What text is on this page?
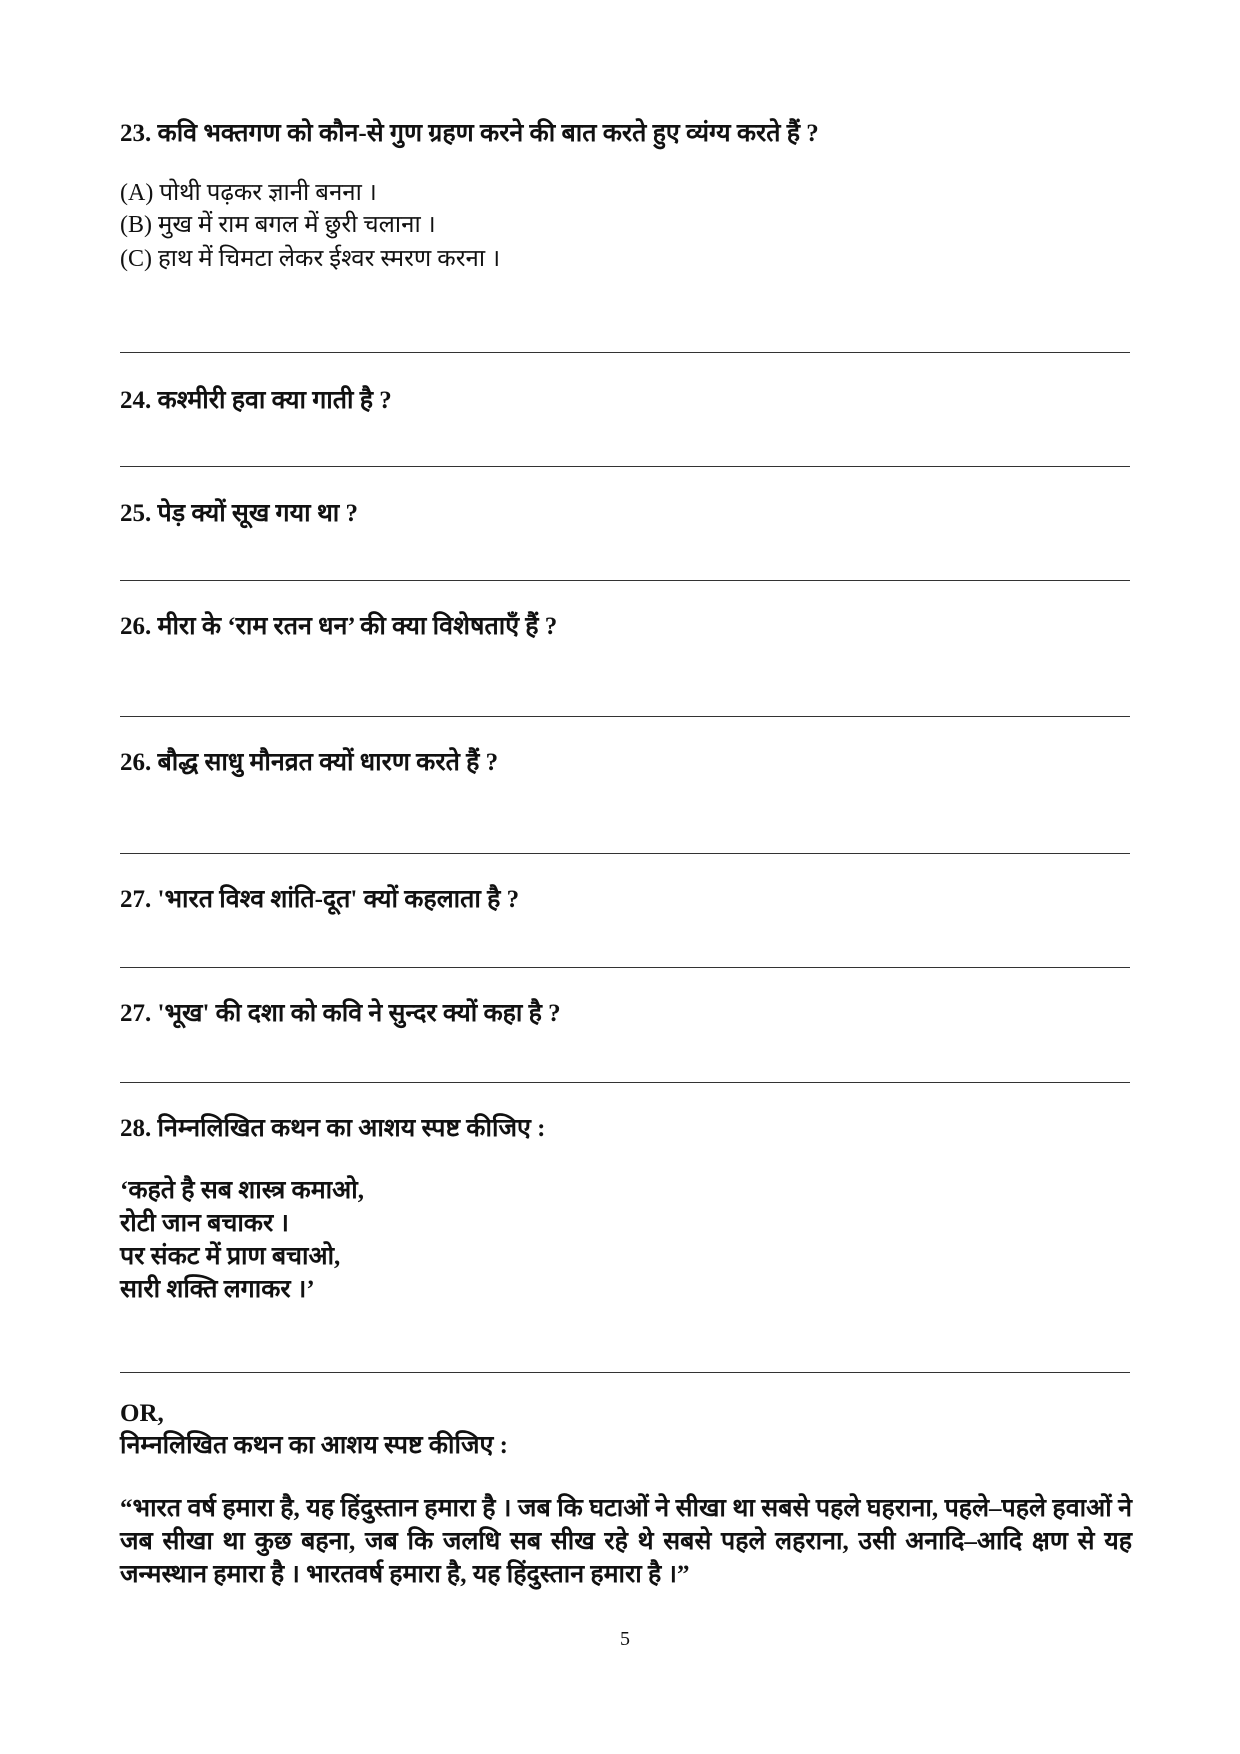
23. कवि भक्तगण को कौन-से गुण ग्रहण करने की बात करते हुए व्यंग्य करते हैं ?
(A) पोथी पढ़कर ज्ञानी बनना ।
(B) मुख में राम बगल में छुरी चलाना ।
(C) हाथ में चिमटा लेकर ईश्वर स्मरण करना ।
24. कश्मीरी हवा क्या गाती है ?
25. पेड़ क्यों सूख गया था ?
26. मीरा के ‘राम रतन धन’ की क्या विशेषताएँ हैं ?
26. बौद्ध साधु मौनव्रत क्यों धारण करते हैं ?
27. 'भारत विश्व शांति-दूत' क्यों कहलाता है ?
27. 'भूख' की दशा को कवि ने सुन्दर क्यों कहा है ?
28. निम्नलिखित कथन का आशय स्पष्ट कीजिए :
‘कहते है सब शास्त्र कमाओ,
रोटी जान बचाकर ।
पर संकट में प्राण बचाओ,
सारी शक्ति लगाकर ।’
OR,
निम्नलिखित कथन का आशय स्पष्ट कीजिए :
“भारत वर्ष हमारा है, यह हिंदुस्तान हमारा है । जब कि घटाओं ने सीखा था सबसे पहले घहराना, पहले–पहले हवाओं ने जब सीखा था कुछ बहना, जब कि जलधि सब सीख रहे थे सबसे पहले लहराना, उसी अनादि–आदि क्षण से यह जन्मस्थान हमारा है । भारतवर्ष हमारा है, यह हिंदुस्तान हमारा है ।”
5
